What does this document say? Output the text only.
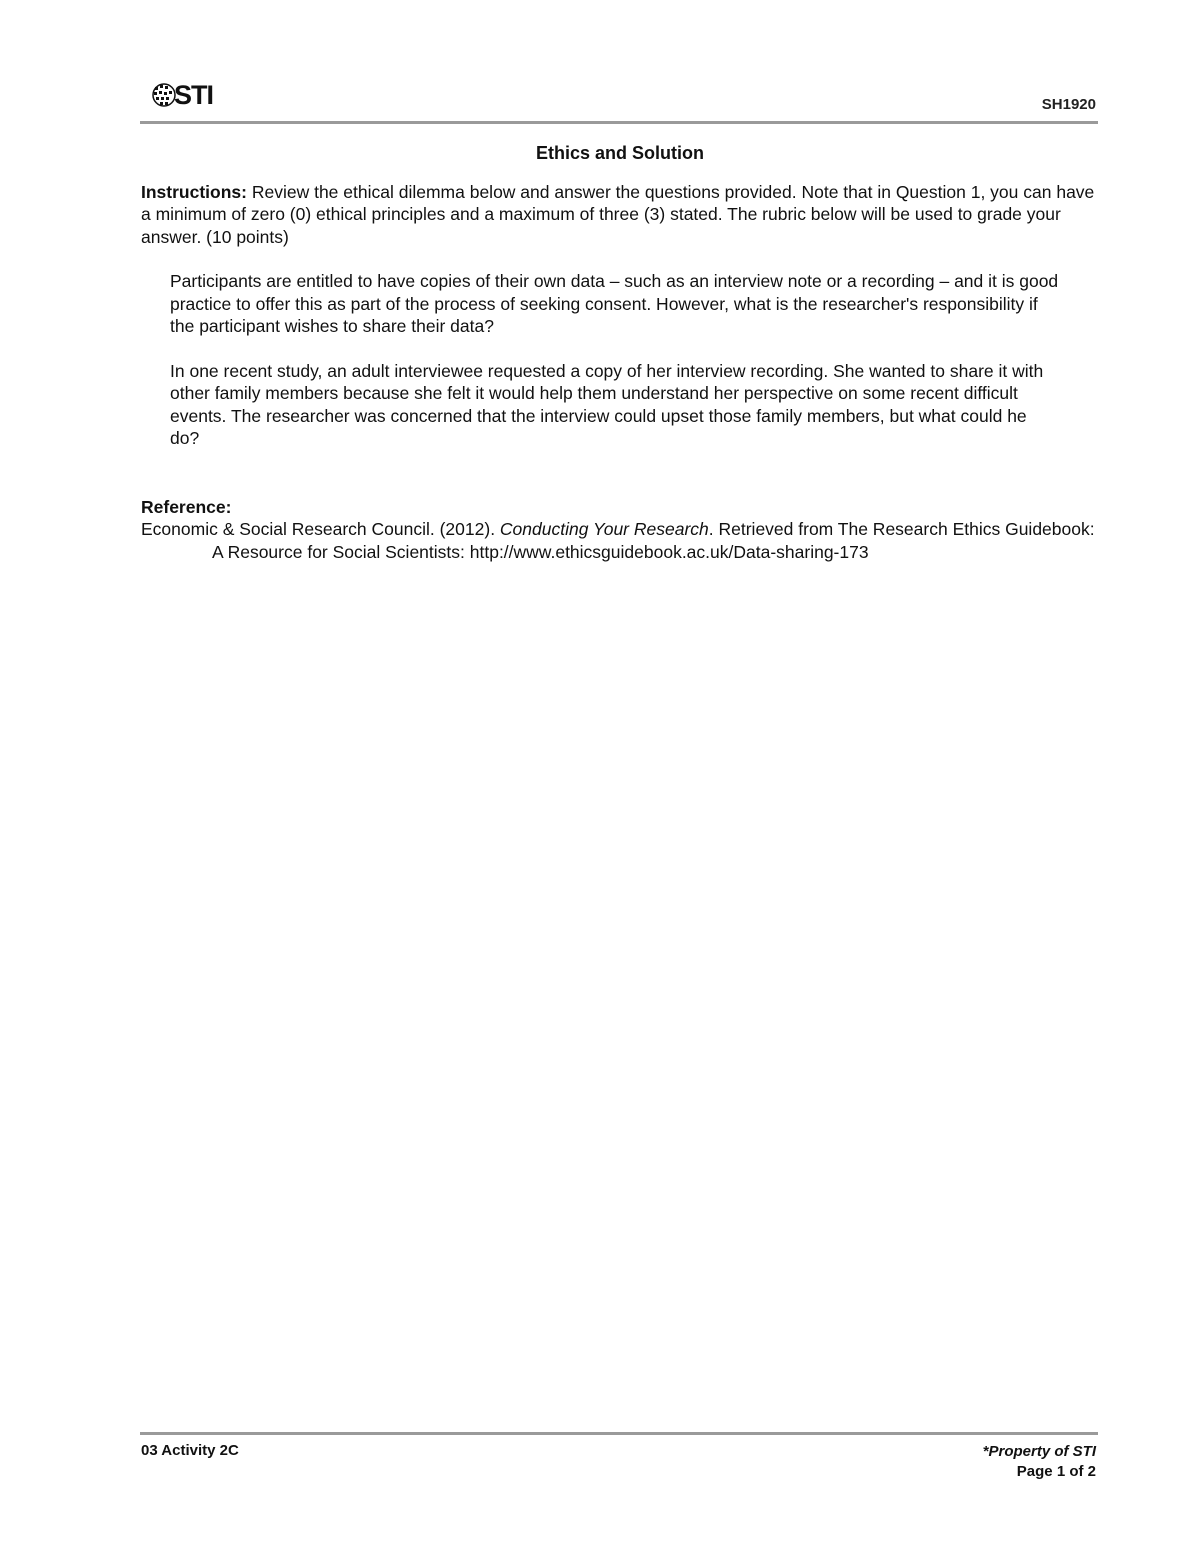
STI	SH1920

Ethics and Solution

Instructions: Review the ethical dilemma below and answer the questions provided. Note that in Question 1, you can have a minimum of zero (0) ethical principles and a maximum of three (3) stated. The rubric below will be used to grade your answer. (10 points)

Participants are entitled to have copies of their own data – such as an interview note or a recording – and it is good practice to offer this as part of the process of seeking consent. However, what is the researcher's responsibility if the participant wishes to share their data?

In one recent study, an adult interviewee requested a copy of her interview recording. She wanted to share it with other family members because she felt it would help them understand her perspective on some recent difficult events. The researcher was concerned that the interview could upset those family members, but what could he do?

Reference:
Economic & Social Research Council. (2012). Conducting Your Research. Retrieved from The Research Ethics Guidebook: A Resource for Social Scientists: http://www.ethicsguidebook.ac.uk/Data-sharing-173
03 Activity 2C	*Property of STI
Page 1 of 2
